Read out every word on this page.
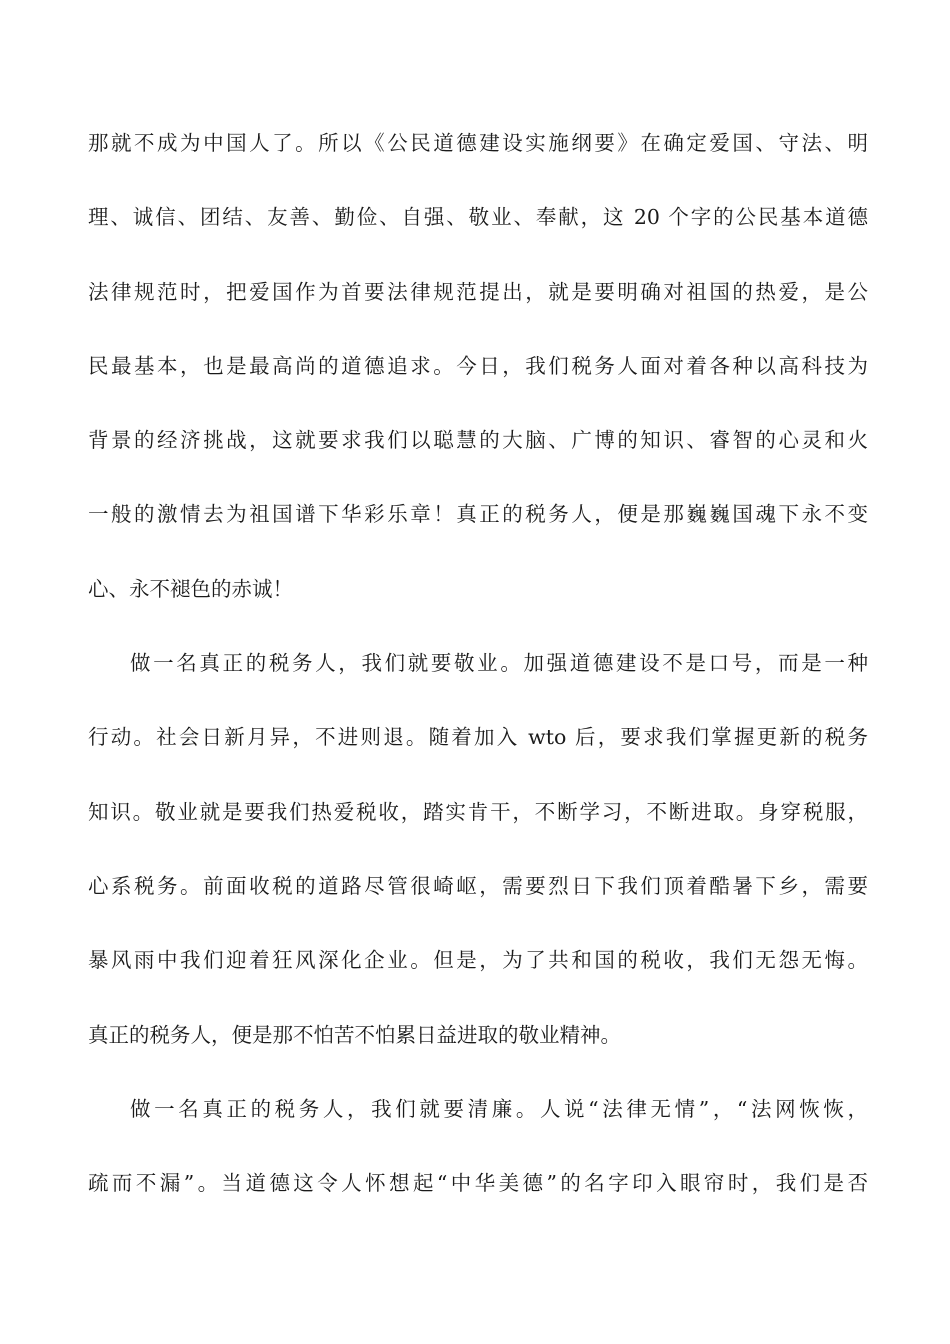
那就不成为中国人了。所以《公民道德建设实施纲要》在确定爱国、守法、明
理、诚信、团结、友善、勤俭、自强、敬业、奉献，这 20 个字的公民基本道德
法律规范时，把爱国作为首要法律规范提出，就是要明确对祖国的热爱，是公
民最基本，也是最高尚的道德追求。今日，我们税务人面对着各种以高科技为
背景的经济挑战，这就要求我们以聪慧的大脑、广博的知识、睿智的心灵和火
一般的激情去为祖国谱下华彩乐章！真正的税务人，便是那巍巍国魂下永不变
心、永不褪色的赤诚！
做一名真正的税务人，我们就要敬业。加强道德建设不是口号，而是一种
行动。社会日新月异，不进则退。随着加入 wto 后，要求我们掌握更新的税务
知识。敬业就是要我们热爱税收，踏实肯干，不断学习，不断进取。身穿税服，
心系税务。前面收税的道路尽管很崎岖，需要烈日下我们顶着酷暑下乡，需要
暴风雨中我们迎着狂风深化企业。但是，为了共和国的税收，我们无怨无悔。
真正的税务人，便是那不怕苦不怕累日益进取的敬业精神。
做一名真正的税务人，我们就要清廉。人说“法律无情”，“法网恢恢，
疏而不漏”。当道德这令人怀想起“中华美德”的名字印入眼帘时，我们是否
